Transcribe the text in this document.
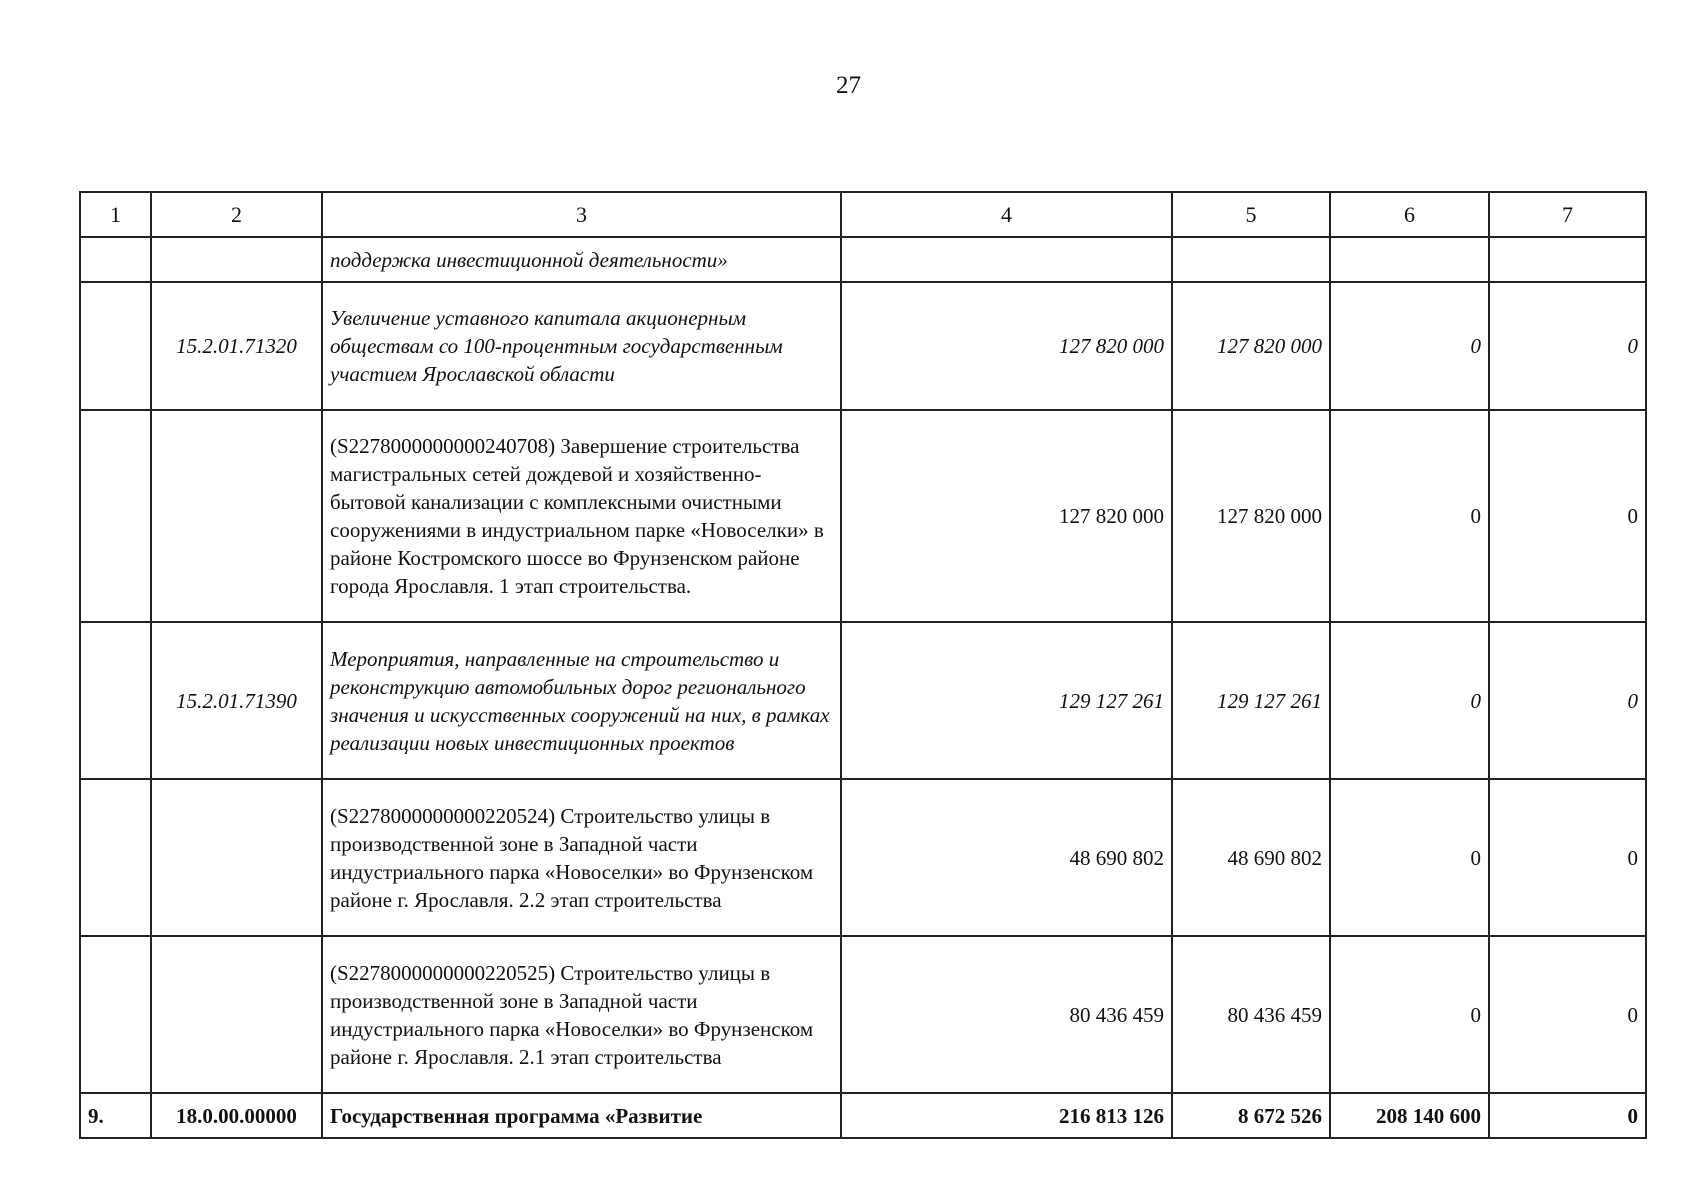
27
1	2	3	4	5	6	7
		поддержка инвестиционной деятельности»				
	15.2.01.71320	Увеличение уставного капитала акционерным обществам со 100-процентным государственным участием Ярославской области	127 820 000	127 820 000	0	0
		(S2278000000000240708) Завершение строительства магистральных сетей дождевой и хозяйственно-бытовой канализации с комплексными очистными сооружениями в индустриальном парке «Новоселки» в районе Костромского шоссе во Фрунзенском районе города Ярославля. 1 этап строительства.	127 820 000	127 820 000	0	0
	15.2.01.71390	Мероприятия, направленные на строительство и реконструкцию автомобильных дорог регионального значения и искусственных сооружений на них, в рамках реализации новых инвестиционных проектов	129 127 261	129 127 261	0	0
		(S2278000000000220524) Строительство улицы в производственной зоне в Западной части индустриального парка «Новоселки» во Фрунзенском районе г. Ярославля. 2.2 этап строительства	48 690 802	48 690 802	0	0
		(S2278000000000220525) Строительство улицы в производственной зоне в Западной части индустриального парка «Новоселки» во Фрунзенском районе г. Ярославля. 2.1 этап строительства	80 436 459	80 436 459	0	0
9.	18.0.00.00000	Государственная программа «Развитие	216 813 126	8 672 526	208 140 600	0
